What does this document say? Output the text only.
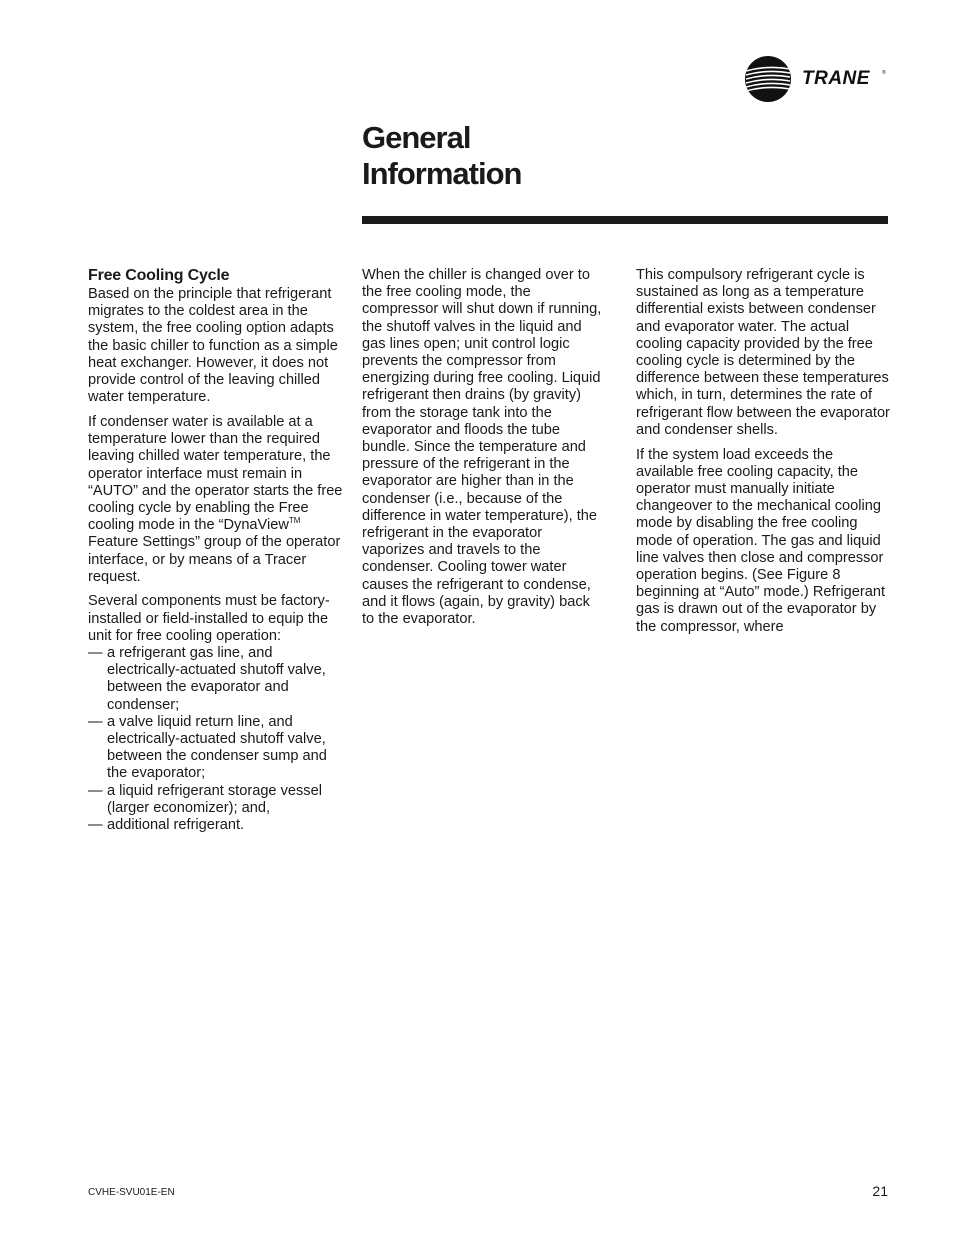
TRANE ®
General
Information
Free Cooling Cycle

Based on the principle that refrigerant migrates to the coldest area in the system, the free cooling option adapts the basic chiller to function as a simple heat exchanger. However, it does not provide control of the leaving chilled water temperature.

If condenser water is available at a temperature lower than the required leaving chilled water temperature, the operator interface must remain in “AUTO” and the operator starts the free cooling cycle by enabling the Free cooling mode in the “DynaView™ Feature Settings” group of the operator interface, or by means of a Tracer request.

Several components must be factory-installed or field-installed to equip the unit for free cooling operation:

— a refrigerant gas line, and electrically-actuated shutoff valve, between the evaporator and condenser;
— a valve liquid return line, and electrically-actuated shutoff valve, between the condenser sump and the evaporator;
— a liquid refrigerant storage vessel (larger economizer); and,
— additional refrigerant.

When the chiller is changed over to the free cooling mode, the compressor will shut down if running, the shutoff valves in the liquid and gas lines open; unit control logic prevents the compressor from energizing during free cooling. Liquid refrigerant then drains (by gravity) from the storage tank into the evaporator and floods the tube bundle. Since the temperature and pressure of the refrigerant in the evaporator are higher than in the condenser (i.e., because of the difference in water temperature), the refrigerant in the evaporator vaporizes and travels to the condenser. Cooling tower water causes the refrigerant to condense, and it flows (again, by gravity) back to the evaporator.

This compulsory refrigerant cycle is sustained as long as a temperature differential exists between condenser and evaporator water. The actual cooling capacity provided by the free cooling cycle is determined by the difference between these temperatures which, in turn, determines the rate of refrigerant flow between the evaporator and condenser shells.

If the system load exceeds the available free cooling capacity, the operator must manually initiate changeover to the mechanical cooling mode by disabling the free cooling mode of operation. The gas and liquid line valves then close and compressor operation begins. (See Figure 8 beginning at “Auto” mode.) Refrigerant gas is drawn out of the evaporator by the compressor, where

CVHE-SVU01E-EN	21
